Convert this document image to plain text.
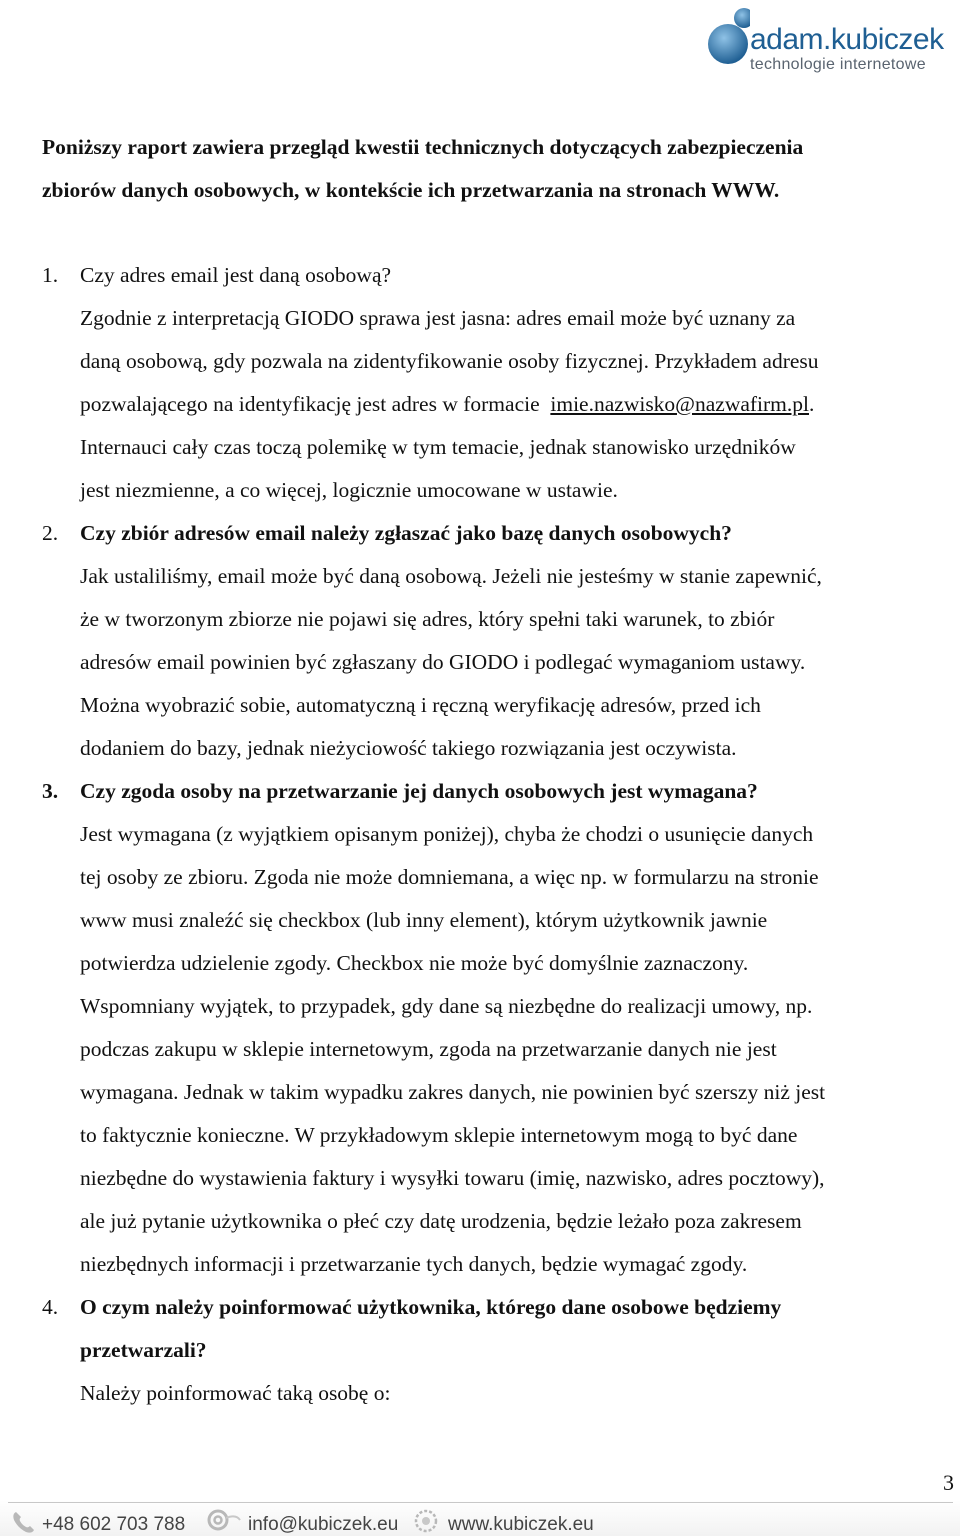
adam.kubiczek
technologie internetowe

Poniższy raport zawiera przegląd kwestii technicznych dotyczących zabezpieczenia
zbiorów danych osobowych, w kontekście ich przetwarzania na stronach WWW.

1.	Czy adres email jest daną osobową?

Zgodnie z interpretacją GIODO sprawa jest jasna: adres email może być uznany za
daną osobową, gdy pozwala na zidentyfikowanie osoby fizycznej. Przykładem adresu
pozwalającego na identyfikację jest adres w formacie imie.nazwisko@nazwafirm.pl.
Internauci cały czas toczą polemikę w tym temacie, jednak stanowisko urzędników
jest niezmienne, a co więcej, logicznie umocowane w ustawie.

2.	Czy zbiór adresów email należy zgłaszać jako bazę danych osobowych?

Jak ustaliliśmy, email może być daną osobową. Jeżeli nie jesteśmy w stanie zapewnić,
że w tworzonym zbiorze nie pojawi się adres, który spełni taki warunek, to zbiór
adresów email powinien być zgłaszany do GIODO i podlegać wymaganiom ustawy.
Można wyobrazić sobie, automatyczną i ręczną weryfikację adresów, przed ich
dodaniem do bazy, jednak nieżyciowość takiego rozwiązania jest oczywista.

3.	Czy zgoda osoby na przetwarzanie jej danych osobowych jest wymagana?

Jest wymagana (z wyjątkiem opisanym poniżej), chyba że chodzi o usunięcie danych
tej osoby ze zbioru. Zgoda nie może domniemana, a więc np. w formularzu na stronie
www musi znaleźć się checkbox (lub inny element), którym użytkownik jawnie
potwierdza udzielenie zgody. Checkbox nie może być domyślnie zaznaczony.
Wspomniany wyjątek, to przypadek, gdy dane są niezbędne do realizacji umowy, np.
podczas zakupu w sklepie internetowym, zgoda na przetwarzanie danych nie jest
wymagana. Jednak w takim wypadku zakres danych, nie powinien być szerszy niż jest
to faktycznie konieczne. W przykładowym sklepie internetowym mogą to być dane
niezbędne do wystawienia faktury i wysyłki towaru (imię, nazwisko, adres pocztowy),
ale już pytanie użytkownika o płeć czy datę urodzenia, będzie leżało poza zakresem
niezbędnych informacji i przetwarzanie tych danych, będzie wymagać zgody.

4.	O czym należy poinformować użytkownika, którego dane osobowe będziemy
przetwarzali?

Należy poinformować taką osobę o:

3
+48 602 703 788	info@kubiczek.eu	www.kubiczek.eu
